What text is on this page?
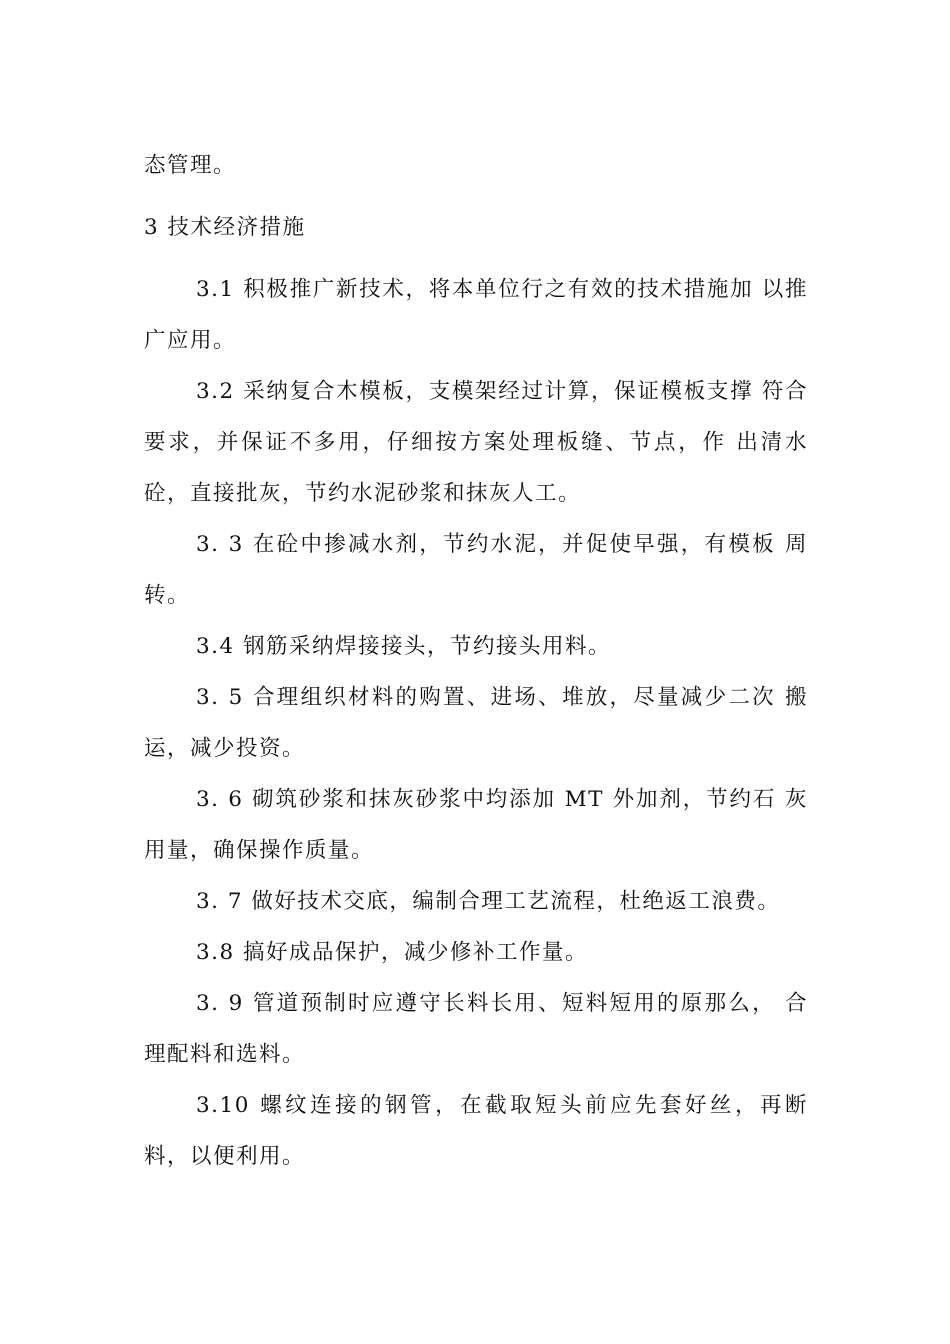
态管理。

3 技术经济措施

3.1 积极推广新技术，将本单位行之有效的技术措施加 以推广应用。

3.2 采纳复合木模板，支模架经过计算，保证模板支撑 符合要求，并保证不多用，仔细按方案处理板缝、节点，作 出清水砼，直接批灰，节约水泥砂浆和抹灰人工。

3. 3 在砼中掺减水剂，节约水泥，并促使早强，有模板 周转。

3.4 钢筋采纳焊接接头，节约接头用料。

3. 5 合理组织材料的购置、进场、堆放，尽量减少二次 搬运，减少投资。

3. 6 砌筑砂浆和抹灰砂浆中均添加 MT 外加剂，节约石 灰用量，确保操作质量。

3. 7 做好技术交底，编制合理工艺流程，杜绝返工浪费。

3.8 搞好成品保护，减少修补工作量。

3. 9 管道预制时应遵守长料长用、短料短用的原那么， 合理配料和选料。

3.10 螺纹连接的钢管，在截取短头前应先套好丝，再断料，以便利用。
